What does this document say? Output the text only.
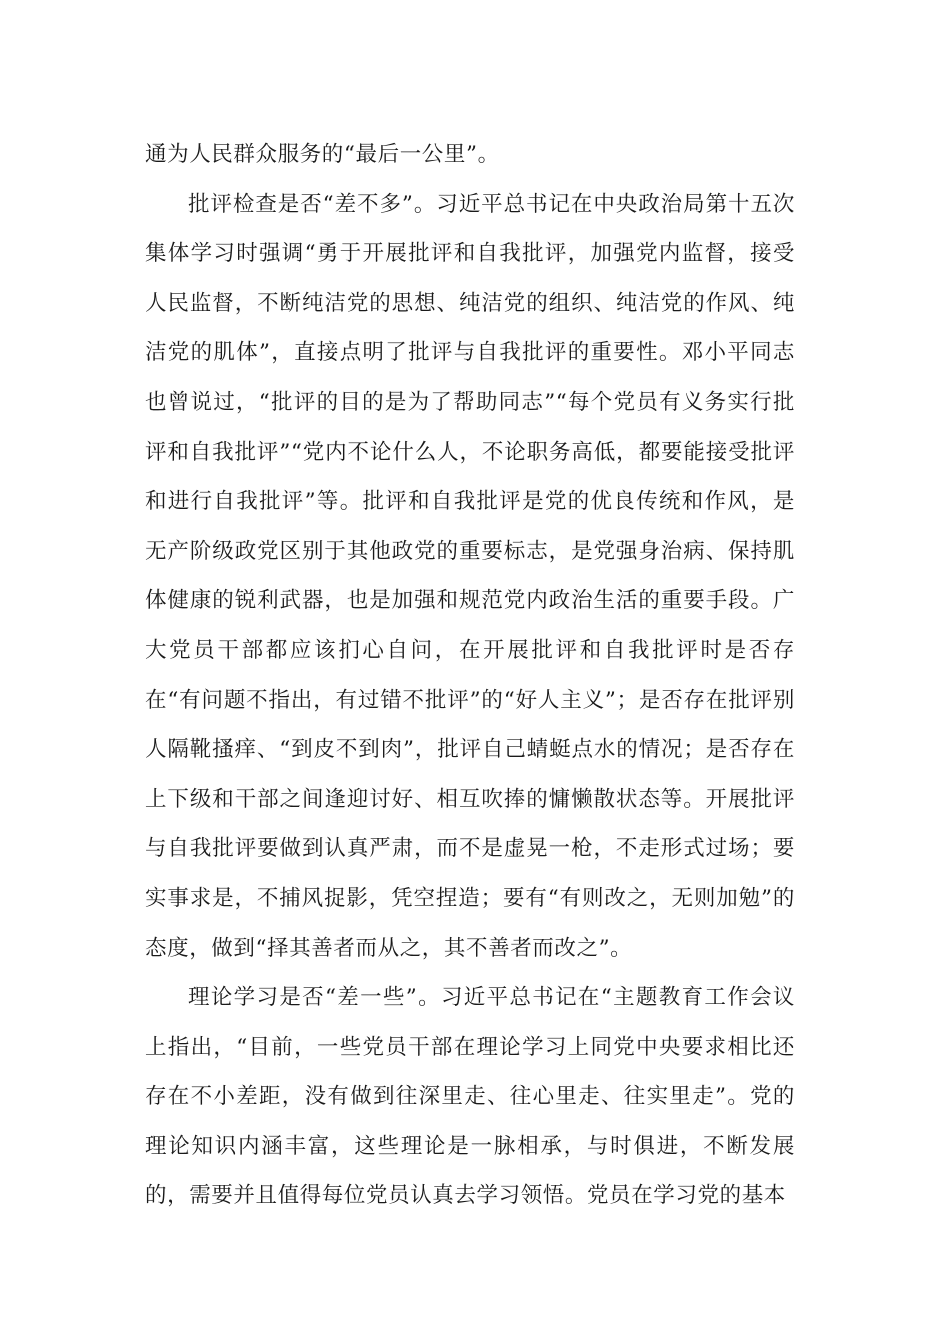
通为人民群众服务的“最后一公里”。

批评检查是否“差不多”。习近平总书记在中央政治局第十五次集体学习时强调“勇于开展批评和自我批评，加强党内监督，接受人民监督，不断纯洁党的思想、纯洁党的组织、纯洁党的作风、纯洁党的肌体”，直接点明了批评与自我批评的重要性。邓小平同志也曾说过，“批评的目的是为了帮助同志”“每个党员有义务实行批评和自我批评”“党内不论什么人，不论职务高低，都要能接受批评和进行自我批评”等。批评和自我批评是党的优良传统和作风，是无产阶级政党区别于其他政党的重要标志，是党强身治病、保持肌体健康的锐利武器，也是加强和规范党内政治生活的重要手段。广大党员干部都应该扪心自问，在开展批评和自我批评时是否存在“有问题不指出，有过错不批评”的“好人主义”；是否存在批评别人隔靴搔痒、“到皮不到肉”，批评自己蜻蜓点水的情况；是否存在上下级和干部之间逢迎讨好、相互吹捧的慵懒散状态等。开展批评与自我批评要做到认真严肃，而不是虚晃一枪，不走形式过场；要实事求是，不捕风捉影，凭空捏造；要有“有则改之，无则加勉”的态度，做到“择其善者而从之，其不善者而改之”。

理论学习是否“差一些”。习近平总书记在“主题教育工作会议上指出，“目前，一些党员干部在理论学习上同党中央要求相比还存在不小差距，没有做到往深里走、往心里走、往实里走”。党的理论知识内涵丰富，这些理论是一脉相承，与时俱进，不断发展的，需要并且值得每位党员认真去学习领悟。党员在学习党的基本
